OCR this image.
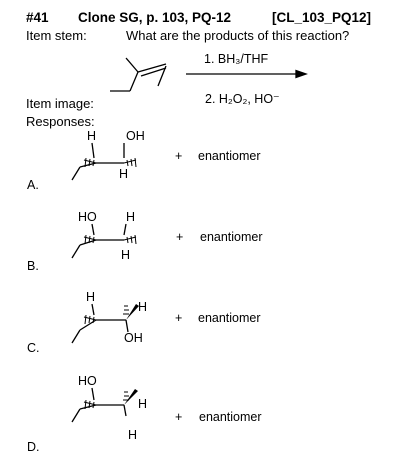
#41 Clone SG, p. 103, PQ-12	[CL_103_PQ12]
Item stem:	What are the products of this reaction?
1. BH₃/THF
2. H₂O₂, HO⁻
Item image:
Responses:
H OH
H
HO H
H
H
H
OH
HO
H
H
A.
+ enantiomer
B.
+ enantiomer
C.
+ enantiomer
D.
+ enantiomer
